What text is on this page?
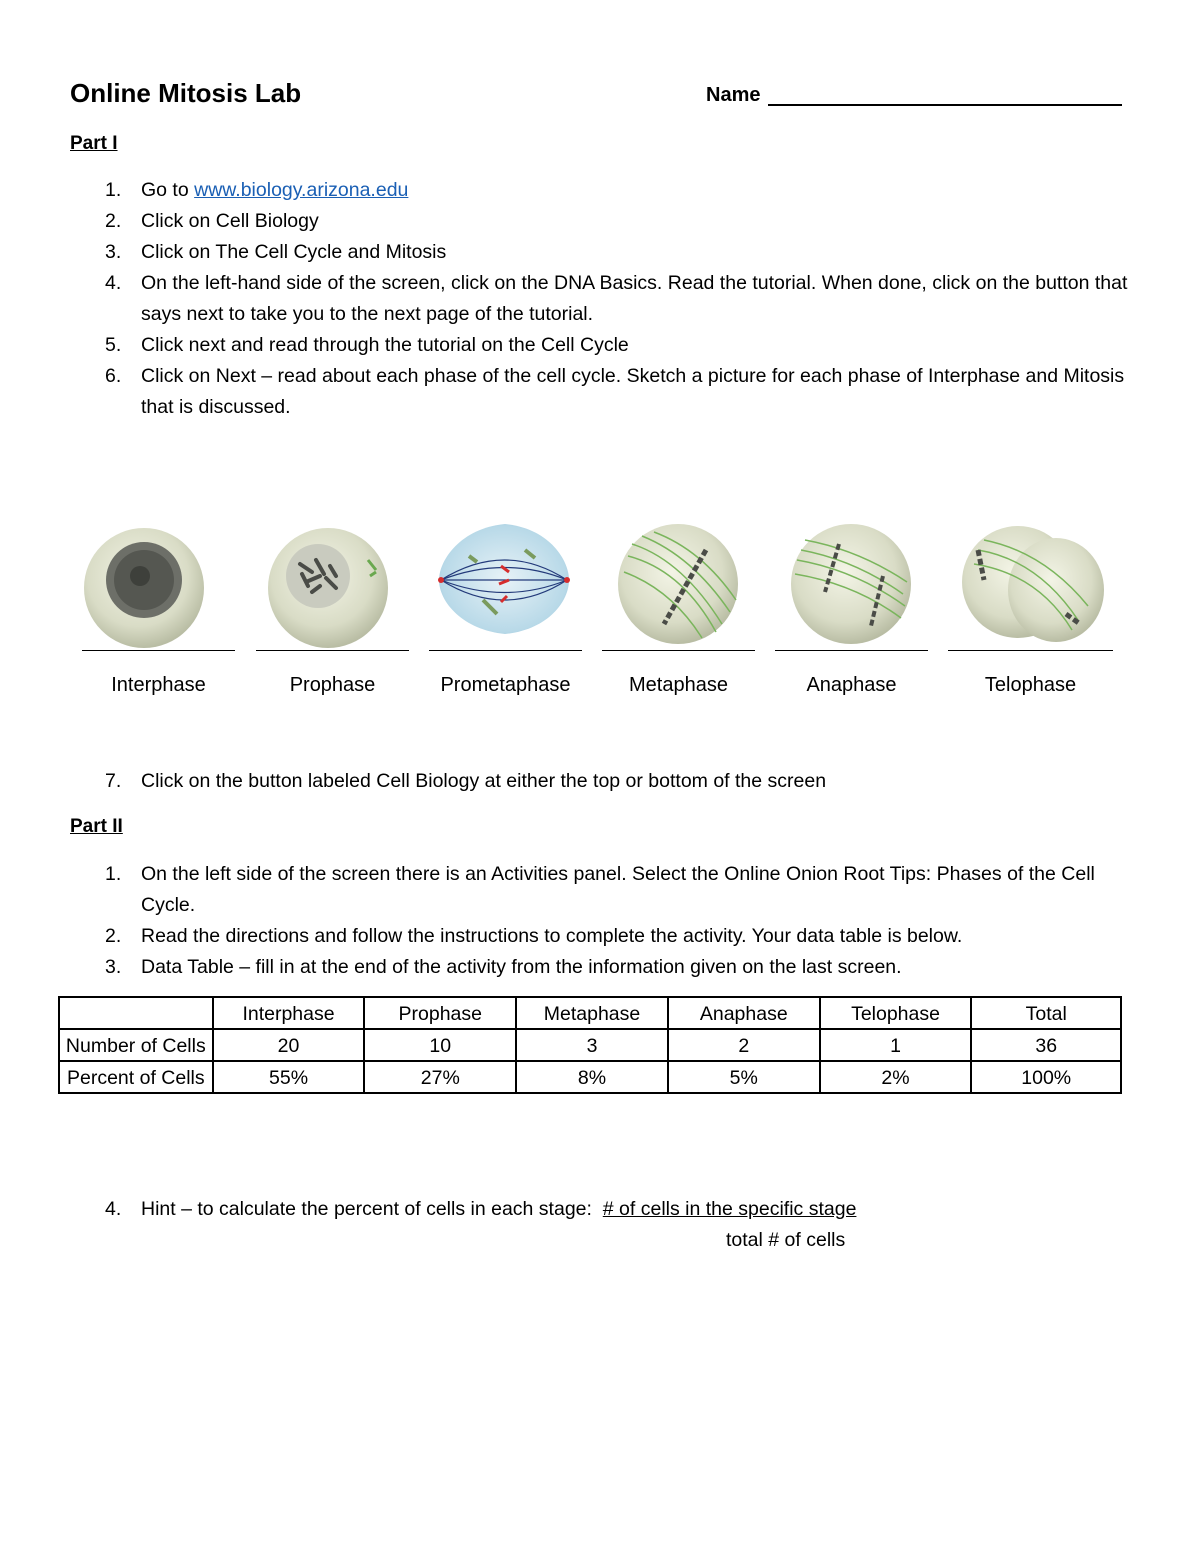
Online Mitosis Lab	Name
Part I
1. Go to www.biology.arizona.edu
2. Click on Cell Biology
3. Click on The Cell Cycle and Mitosis
4. On the left-hand side of the screen, click on the DNA Basics. Read the tutorial. When done, click on the button that says next to take you to the next page of the tutorial.
5. Click next and read through the tutorial on the Cell Cycle
6. Click on Next – read about each phase of the cell cycle. Sketch a picture for each phase of Interphase and Mitosis that is discussed.
Interphase	Prophase	Prometaphase	Metaphase	Anaphase	Telophase
7. Click on the button labeled Cell Biology at either the top or bottom of the screen
Part II
1. On the left side of the screen there is an Activities panel. Select the Online Onion Root Tips: Phases of the Cell Cycle.
2. Read the directions and follow the instructions to complete the activity. Your data table is below.
3. Data Table – fill in at the end of the activity from the information given on the last screen.
	Interphase	Prophase	Metaphase	Anaphase	Telophase	Total
Number of Cells	20	10	3	2	1	36
Percent of Cells	55%	27%	8%	5%	2%	100%
4. Hint – to calculate the percent of cells in each stage: # of cells in the specific stage
total # of cells
